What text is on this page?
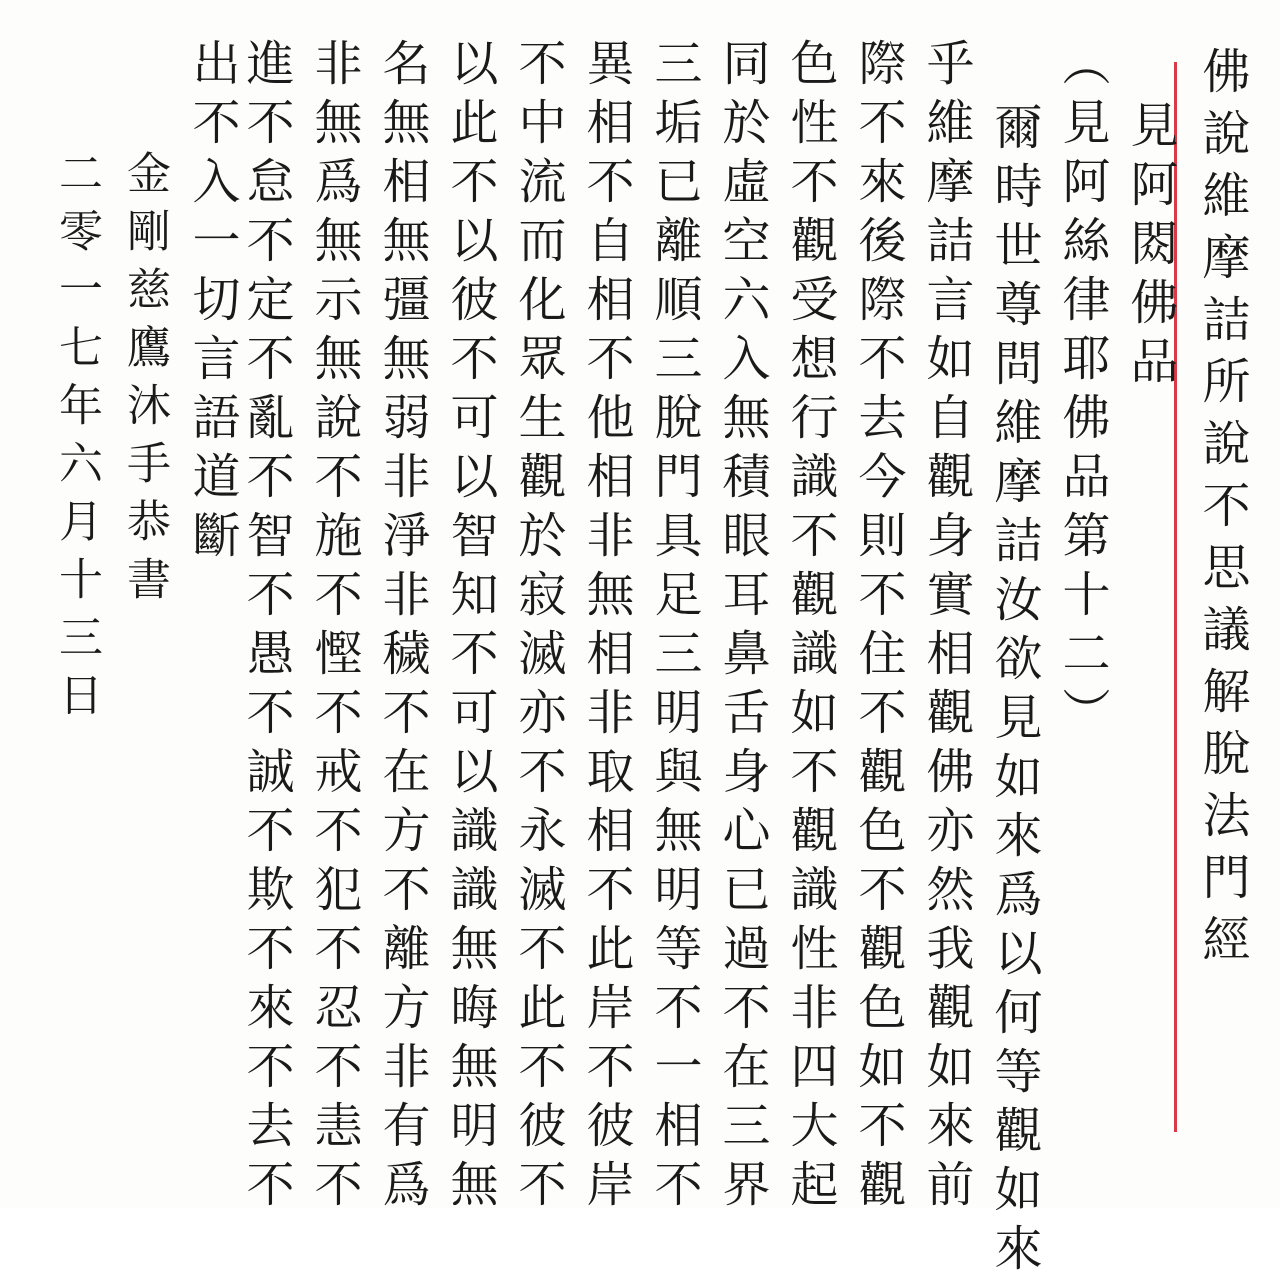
佛說維摩詰所說不思議解脫法門經
見阿閦佛品
（見阿絲律耶佛品第十二）
爾時世尊問維摩詰汝欲見如來爲以何等觀如來
乎維摩詰言如自觀身實相觀佛亦然我觀如來前
際不來後際不去今則不住不觀色不觀色如不觀
色性不觀受想行識不觀識如不觀識性非四大起
同於虛空六入無積眼耳鼻舌身心已過不在三界
三垢已離順三脫門具足三明與無明等不一相不
異相不自相不他相非無相非取相不此岸不彼岸
不中流而化眾生觀於寂滅亦不永滅不此不彼不
以此不以彼不可以智知不可以識識無晦無明無
名無相無彊無弱非淨非穢不在方不離方非有爲
非無爲無示無說不施不慳不戒不犯不忍不恚不
進不怠不定不亂不智不愚不誠不欺不來不去不
出不入一切言語道斷
金剛慈鷹沐手恭書
二零一七年六月十三日
